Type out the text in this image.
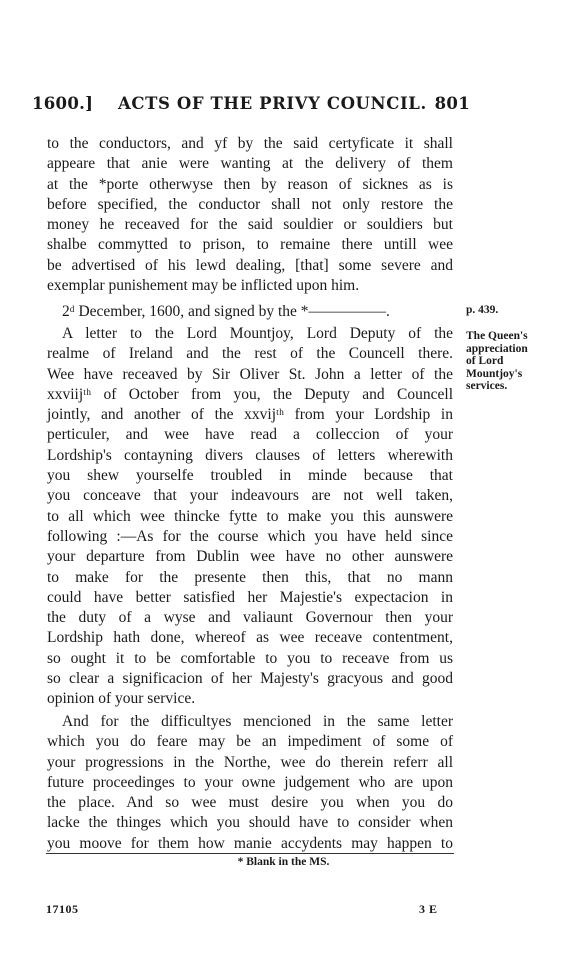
1600.] ACTS OF THE PRIVY COUNCIL. 801
to the conductors, and yf by the said certyficate it shall
appeare that anie were wanting at the delivery of them
at the *porte otherwyse then by reason of sicknes as is
before specified, the conductor shall not only restore the
money he receaved for the said souldier or souldiers but
shalbe commytted to prison, to remaine there untill wee
be advertised of his lewd dealing, [that] some severe and
exemplar punishement may be inflicted upon him.
2ᵈ December, 1600, and signed by the *—————.	p. 439.
A letter to the Lord Mountjoy, Lord Deputy of the
realme of Ireland and the rest of the Councell there.
Wee have receaved by Sir Oliver St. John a letter of the
xxviijᵗʰ of October from you, the Deputy and Councell
jointly, and another of the xxvijᵗʰ from your Lordship in
perticuler, and wee have read a colleccion of your
Lordship's contayning divers clauses of letters wherewith
you shew yourselfe troubled in minde because that
you conceave that your indeavours are not well taken,
to all which wee thincke fytte to make you this aunswere
following :—As for the course which you have held since
your departure from Dublin wee have no other aunswere
to make for the presente then this, that no mann
could have better satisfied her Majestie's expectacion in
the duty of a wyse and valiaunt Governour then your
Lordship hath done, whereof as wee receave contentment,
so ought it to be comfortable to you to receave from us
so clear a significacion of her Majesty's gracyous and good
opinion of your service.
The Queen's
appreciation
of Lord
Mountjoy's
services.
And for the difficultyes mencioned in the same letter
which you do feare may be an impediment of some of
your progressions in the Northe, wee do therein referr all
future proceedinges to your owne judgement who are upon
the place. And so wee must desire you when you do
lacke the thinges which you should have to consider when
you moove for them how manie accydents may happen to
* Blank in the MS.
17105	3 E
